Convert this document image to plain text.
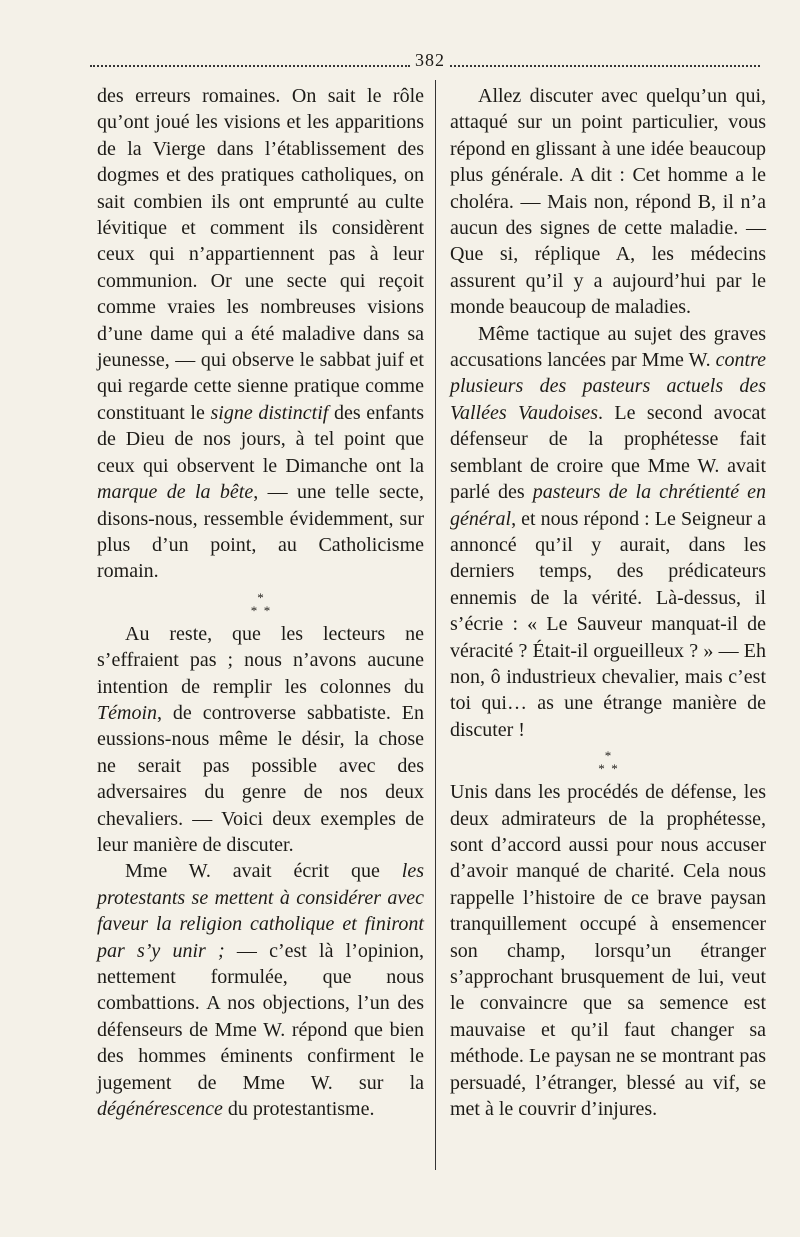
382

des erreurs romaines. On sait le rôle qu’ont joué les visions et les apparitions de la Vierge dans l’établissement des dogmes et des pratiques catholiques, on sait combien ils ont emprunté au culte lévitique et comment ils considèrent ceux qui n’appartiennent pas à leur communion. Or une secte qui reçoit comme vraies les nombreuses visions d’une dame qui a été maladive dans sa jeunesse, — qui observe le sabbat juif et qui regarde cette sienne pratique comme constituant le signe distinctif des enfants de Dieu de nos jours, à tel point que ceux qui observent le Dimanche ont la marque de la bête, — une telle secte, disons-nous, ressemble évidemment, sur plus d’un point, au Catholicisme romain.

*
* *

Au reste, que les lecteurs ne s’effraient pas ; nous n’avons aucune intention de remplir les colonnes du Témoin, de controverse sabbatiste. En eussions-nous même le désir, la chose ne serait pas possible avec des adversaires du genre de nos deux chevaliers. — Voici deux exemples de leur manière de discuter.

Mme W. avait écrit que les protestants se mettent à considérer avec faveur la religion catholique et finiront par s’y unir ; — c’est là l’opinion, nettement formulée, que nous combattions. A nos objections, l’un des défenseurs de Mme W. répond que bien des hommes éminents confirment le jugement de Mme W. sur la dégénérescence du protestantisme.

Allez discuter avec quelqu’un qui, attaqué sur un point particulier, vous répond en glissant à une idée beaucoup plus générale. A dit : Cet homme a le choléra. — Mais non, répond B, il n’a aucun des signes de cette maladie. — Que si, réplique A, les médecins assurent qu’il y a aujourd’hui par le monde beaucoup de maladies.

Même tactique au sujet des graves accusations lancées par Mme W. contre plusieurs des pasteurs actuels des Vallées Vaudoises. Le second avocat défenseur de la prophétesse fait semblant de croire que Mme W. avait parlé des pasteurs de la chrétienté en général, et nous répond : Le Seigneur a annoncé qu’il y aurait, dans les derniers temps, des prédicateurs ennemis de la vérité. Là-dessus, il s’écrie : « Le Sauveur manquat-il de véracité ? Était-il orgueilleux ? » — Eh non, ô industrieux chevalier, mais c’est toi qui… as une étrange manière de discuter !

*
* *

Unis dans les procédés de défense, les deux admirateurs de la prophétesse, sont d’accord aussi pour nous accuser d’avoir manqué de charité. Cela nous rappelle l’histoire de ce brave paysan tranquillement occupé à ensemencer son champ, lorsqu’un étranger s’approchant brusquement de lui, veut le convaincre que sa semence est mauvaise et qu’il faut changer sa méthode. Le paysan ne se montrant pas persuadé, l’étranger, blessé au vif, se met à le couvrir d’injures.
